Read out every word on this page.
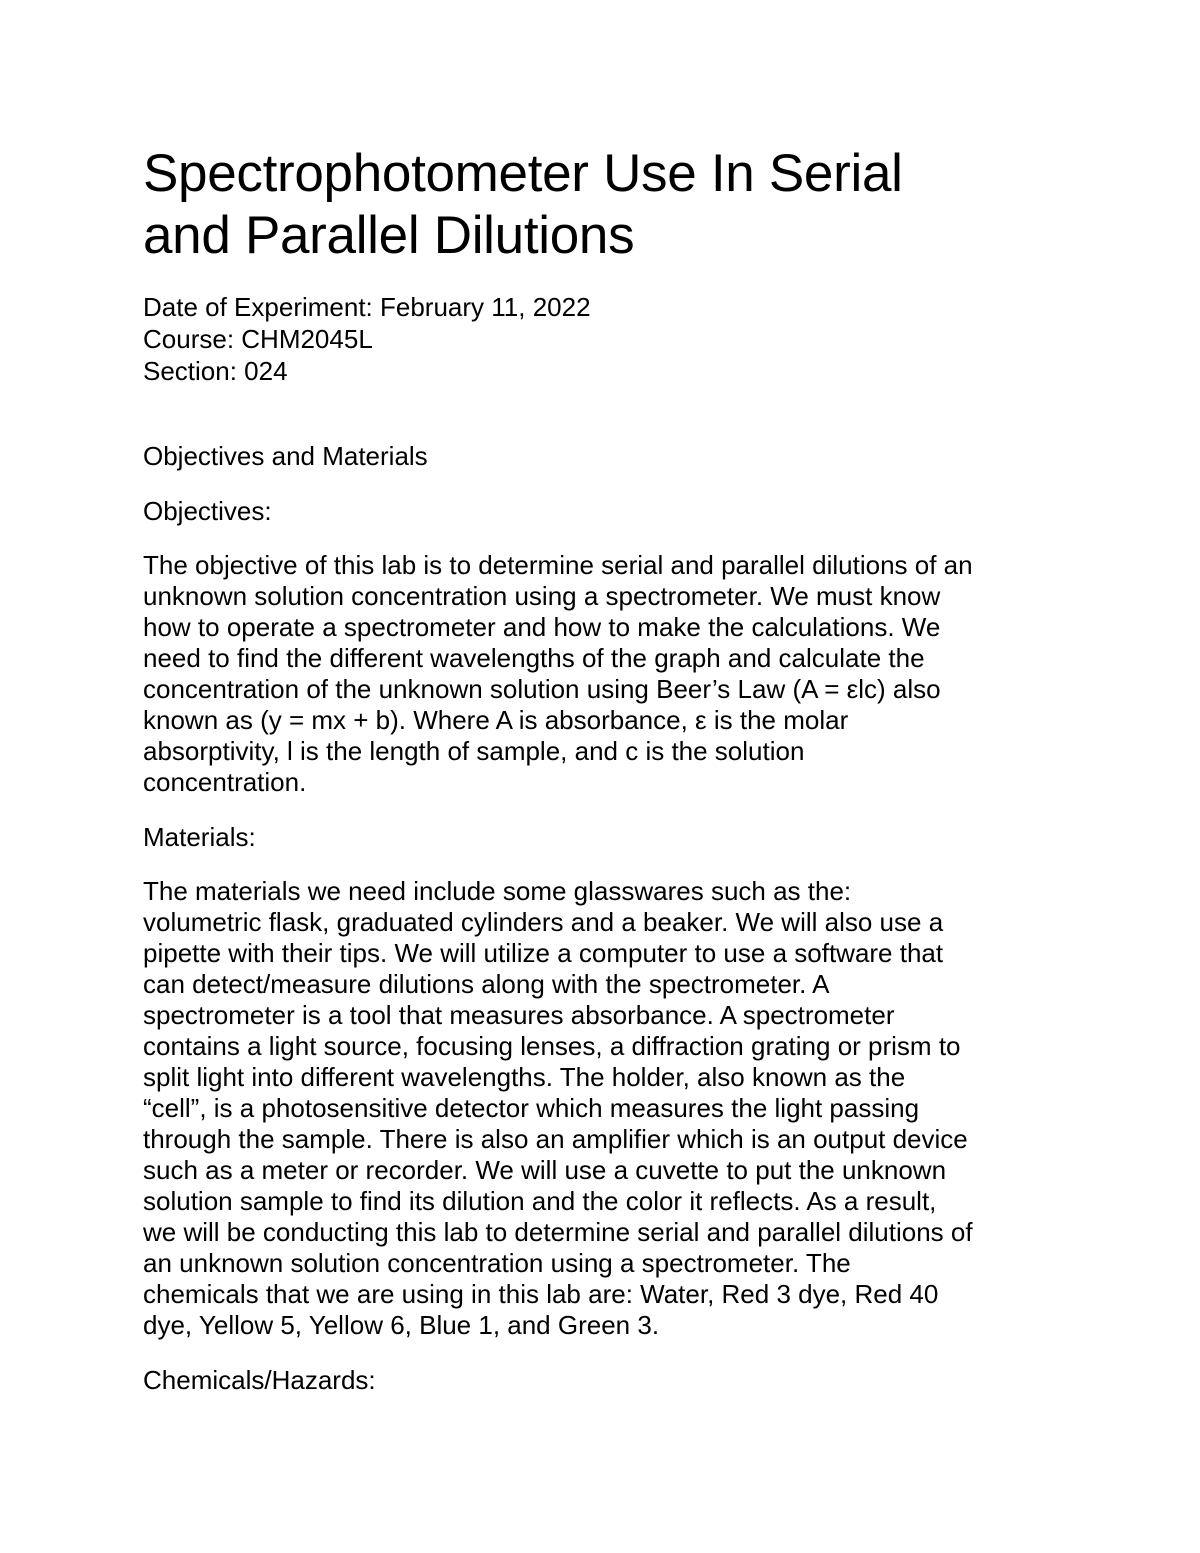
Spectrophotometer Use In Serial
and Parallel Dilutions

Date of Experiment: February 11, 2022

Course: CHM2045L

Section: 024

Objectives and Materials

Objectives:

The objective of this lab is to determine serial and parallel dilutions of an
unknown solution concentration using a spectrometer. We must know
how to operate a spectrometer and how to make the calculations. We
need to find the different wavelengths of the graph and calculate the
concentration of the unknown solution using Beer’s Law (A = εlc) also
known as (y = mx + b). Where A is absorbance, ε is the molar
absorptivity, l is the length of sample, and c is the solution
concentration.

Materials:

The materials we need include some glasswares such as the:
volumetric flask, graduated cylinders and a beaker. We will also use a
pipette with their tips. We will utilize a computer to use a software that
can detect/measure dilutions along with the spectrometer. A
spectrometer is a tool that measures absorbance. A spectrometer
contains a light source, focusing lenses, a diffraction grating or prism to
split light into different wavelengths. The holder, also known as the
“cell”, is a photosensitive detector which measures the light passing
through the sample. There is also an amplifier which is an output device
such as a meter or recorder. We will use a cuvette to put the unknown
solution sample to find its dilution and the color it reflects. As a result,
we will be conducting this lab to determine serial and parallel dilutions of
an unknown solution concentration using a spectrometer. The
chemicals that we are using in this lab are: Water, Red 3 dye, Red 40
dye, Yellow 5, Yellow 6, Blue 1, and Green 3.

Chemicals/Hazards:
